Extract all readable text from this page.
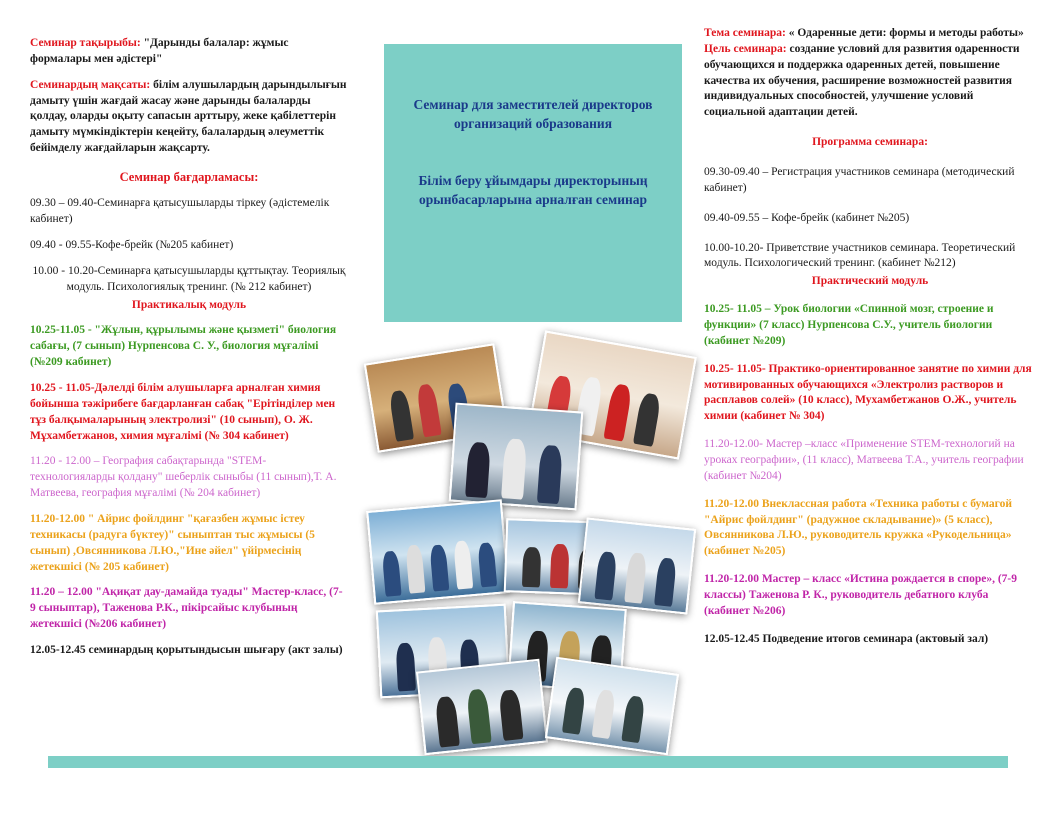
Семинар тақырыбы: "Дарынды балалар: жұмыс формалары мен әдістері"

Семинардың мақсаты: білім алушылардың дарындылығын дамыту үшін жағдай жасау және дарынды балаларды қолдау, оларды оқыту сапасын арттыру, жеке қабілеттерін дамыту мүмкіндіктерін кеңейту, балалардың әлеуметтік бейімделу жағдайларын жақсарту.

Семинар бағдарламасы:

09.30 – 09.40-Семинарға қатысушыларды тіркеу (әдістемелік кабинет)

09.40 - 09.55-Кофе-брейк (№205 кабинет)

10.00 - 10.20-Семинарға қатысушыларды құттықтау. Теориялық модуль. Психологиялық тренинг. (№ 212 кабинет)

Практикалық модуль

10.25-11.05 - "Жұлын, құрылымы және қызметі" биология сабағы, (7 сынып) Нурпенсова С. У., биология мұғалімі (№209 кабинет)

10.25 - 11.05-Дәлелді білім алушыларға арналған химия бойынша тәжірибеге бағдарланған сабақ "Ерітінділер мен тұз балқымаларының электролизі" (10 сынып), О. Ж. Мұхамбетжанов, химия мұғалімі (№ 304 кабинет)

11.20 - 12.00 – География сабақтарында "STEM-технологияларды қолдану" шеберлік сыныбы (11 сынып),Т. А. Матвеева, география мұғалімі (№ 204 кабинет)

11.20-12.00 " Айрис фойлдинг "қағазбен жұмыс істеу техникасы (радуга бүктеу)" сыныптан тыс жұмысы (5 сынып) ,Овсянникова Л.Ю.,"Ине әйел" үйірмесінің жетекшісі (№ 205 кабинет)

11.20 – 12.00 "Ақиқат дау-дамайда туады" Мастер-класс, (7-9 сыныптар), Таженова Р.К., пікірсайыс клубының жетекшісі (№206 кабинет)

12.05-12.45 семинардың қорытындысын шығару (акт залы)

Семинар для заместителей директоров организаций образования
Білім беру ұйымдары директорының орынбасарларына арналған семинар

Тема семинара: « Одаренные дети: формы и методы работы»

Цель семинара: создание условий для развития одаренности обучающихся и поддержка одаренных детей, повышение качества их обучения, расширение возможностей развития индивидуальных способностей, улучшение условий социальной адаптации детей.

Программа семинара:

09.30-09.40 – Регистрация участников семинара (методический кабинет)

09.40-09.55 – Кофе-брейк (кабинет №205)

10.00-10.20- Приветствие участников семинара. Теоретический модуль. Психологический тренинг. (кабинет №212)

Практический модуль

10.25- 11.05 – Урок биологии «Спинной мозг, строение и функции» (7 класс) Нурпенсова С.У., учитель биологии (кабинет №209)

10.25- 11.05- Практико-ориентированное занятие по химии для мотивированных обучающихся «Электролиз растворов и расплавов солей» (10 класс), Мухамбетжанов О.Ж., учитель химии (кабинет № 304)

11.20-12.00- Мастер –класс «Применение STEM-технологий на уроках географии», (11 класс), Матвеева Т.А., учитель географии (кабинет №204)

11.20-12.00 Внеклассная работа «Техника работы с бумагой "Айрис фойлдинг" (радужное складывание)» (5 класс), Овсянникова Л.Ю., руководитель кружка «Рукодельница» (кабинет №205)

11.20-12.00 Мастер – класс «Истина рождается в споре», (7-9 классы) Таженова Р. К., руководитель дебатного клуба (кабинет №206)

12.05-12.45 Подведение итогов семинара (актовый зал)
